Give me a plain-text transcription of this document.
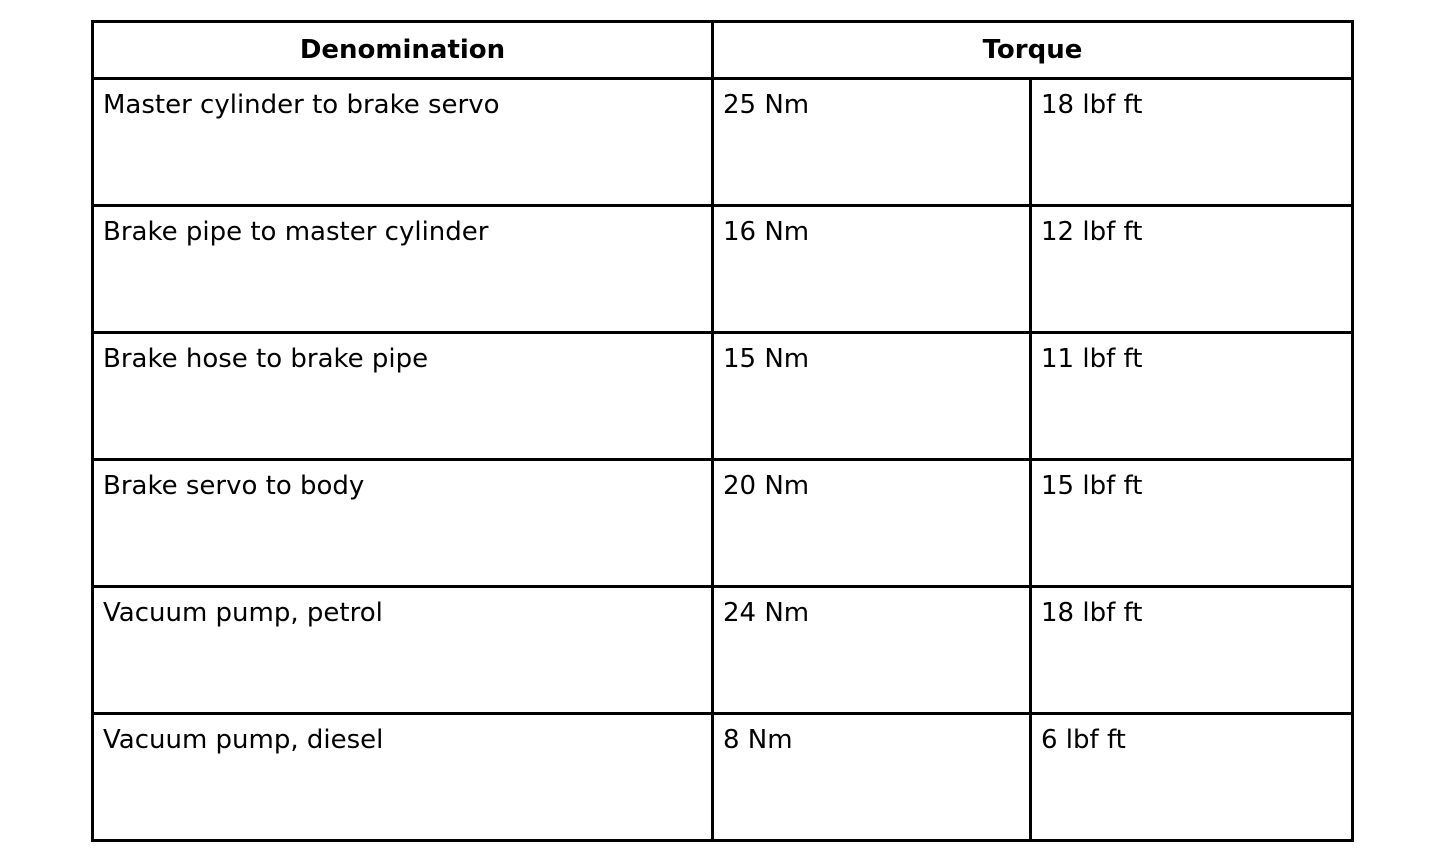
Denomination	Torque	
Master cylinder to brake servo	25 Nm	18 lbf ft
Brake pipe to master cylinder	16 Nm	12 lbf ft
Brake hose to brake pipe	15 Nm	11 lbf ft
Brake servo to body	20 Nm	15 lbf ft
Vacuum pump, petrol	24 Nm	18 lbf ft
Vacuum pump, diesel	8 Nm	6 lbf ft
